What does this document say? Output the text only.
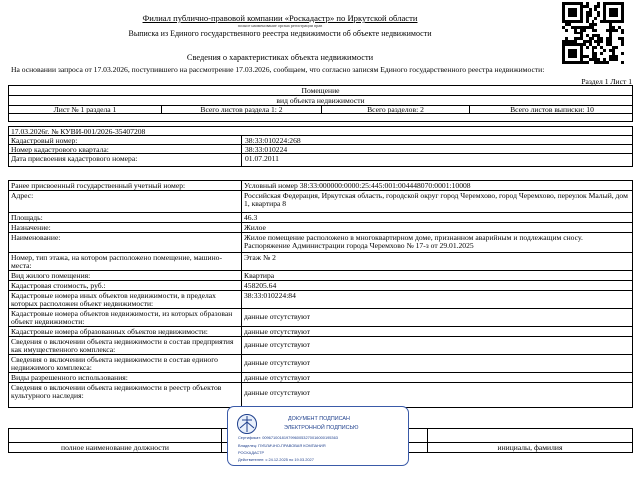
Филиал публично-правовой компании «Роскадастр» по Иркутской области
полное наименование органа регистрации прав
Выписка из Единого государственного реестра недвижимости об объекте недвижимости
Сведения о характеристиках объекта недвижимости
На основании запроса от 17.03.2026, поступившего на рассмотрение 17.03.2026, сообщаем, что согласно записям Единого государственного реестра недвижимости:
Раздел 1 Лист 1
Помещение
вид объекта недвижимости
Лист № 1 раздела 1	Всего листов раздела 1: 2	Всего разделов: 2	Всего листов выписки: 10
17.03.2026г. № КУВИ-001/2026-35407208
Кадастровый номер:	38:33:010224:268
Номер кадастрового квартала:	38:33:010224
Дата присвоения кадастрового номера:	01.07.2011
Ранее присвоенный государственный учетный номер:	Условный номер 38:33:000000:0000:25:445:001:004448070:0001:10008
Адрес:	Российская Федерация, Иркутская область, городской округ город Черемхово, город Черемхово, переулок Малый, дом 1, квартира 8
Площадь:	46.3
Назначение:	Жилое
Наименование:	Жилое помещение расположено в многоквартирном доме, признанном аварийным и подлежащим сносу. Распоряжение Администрации города Черемхово № 17-з от 29.01.2025
Номер, тип этажа, на котором расположено помещение, машино-места:
Этаж № 2
Вид жилого помещения:	Квартира
Кадастровая стоимость, руб.:	458205.64
Кадастровые номера иных объектов недвижимости, в пределах которых расположен объект недвижимости:
38:33:010224:84
Кадастровые номера объектов недвижимости, из которых образован объект недвижимости:
данные отсутствуют
Кадастровые номера образованных объектов недвижимости:	данные отсутствуют
Сведения о включении объекта недвижимости в состав предприятия как имущественного комплекса:
данные отсутствуют
Сведения о включении объекта недвижимости в состав единого недвижимого комплекса:
данные отсутствуют
Виды разрешенного использования:	данные отсутствуют
Сведения о включении объекта недвижимости в реестр объектов культурного наследия:	данные отсутствуют
полное наименование должности	инициалы, фамилия
ДОКУМЕНТ ПОДПИСАН
ЭЛЕКТРОННОЙ ПОДПИСЬЮ
Сертификат: 00967100181979960053270016000195363
Владелец: ПУБЛИЧНО-ПРАВОВАЯ КОМПАНИЯ
РОСКАДАСТР
Действителен: с 24.12.2025 по 19.03.2027
